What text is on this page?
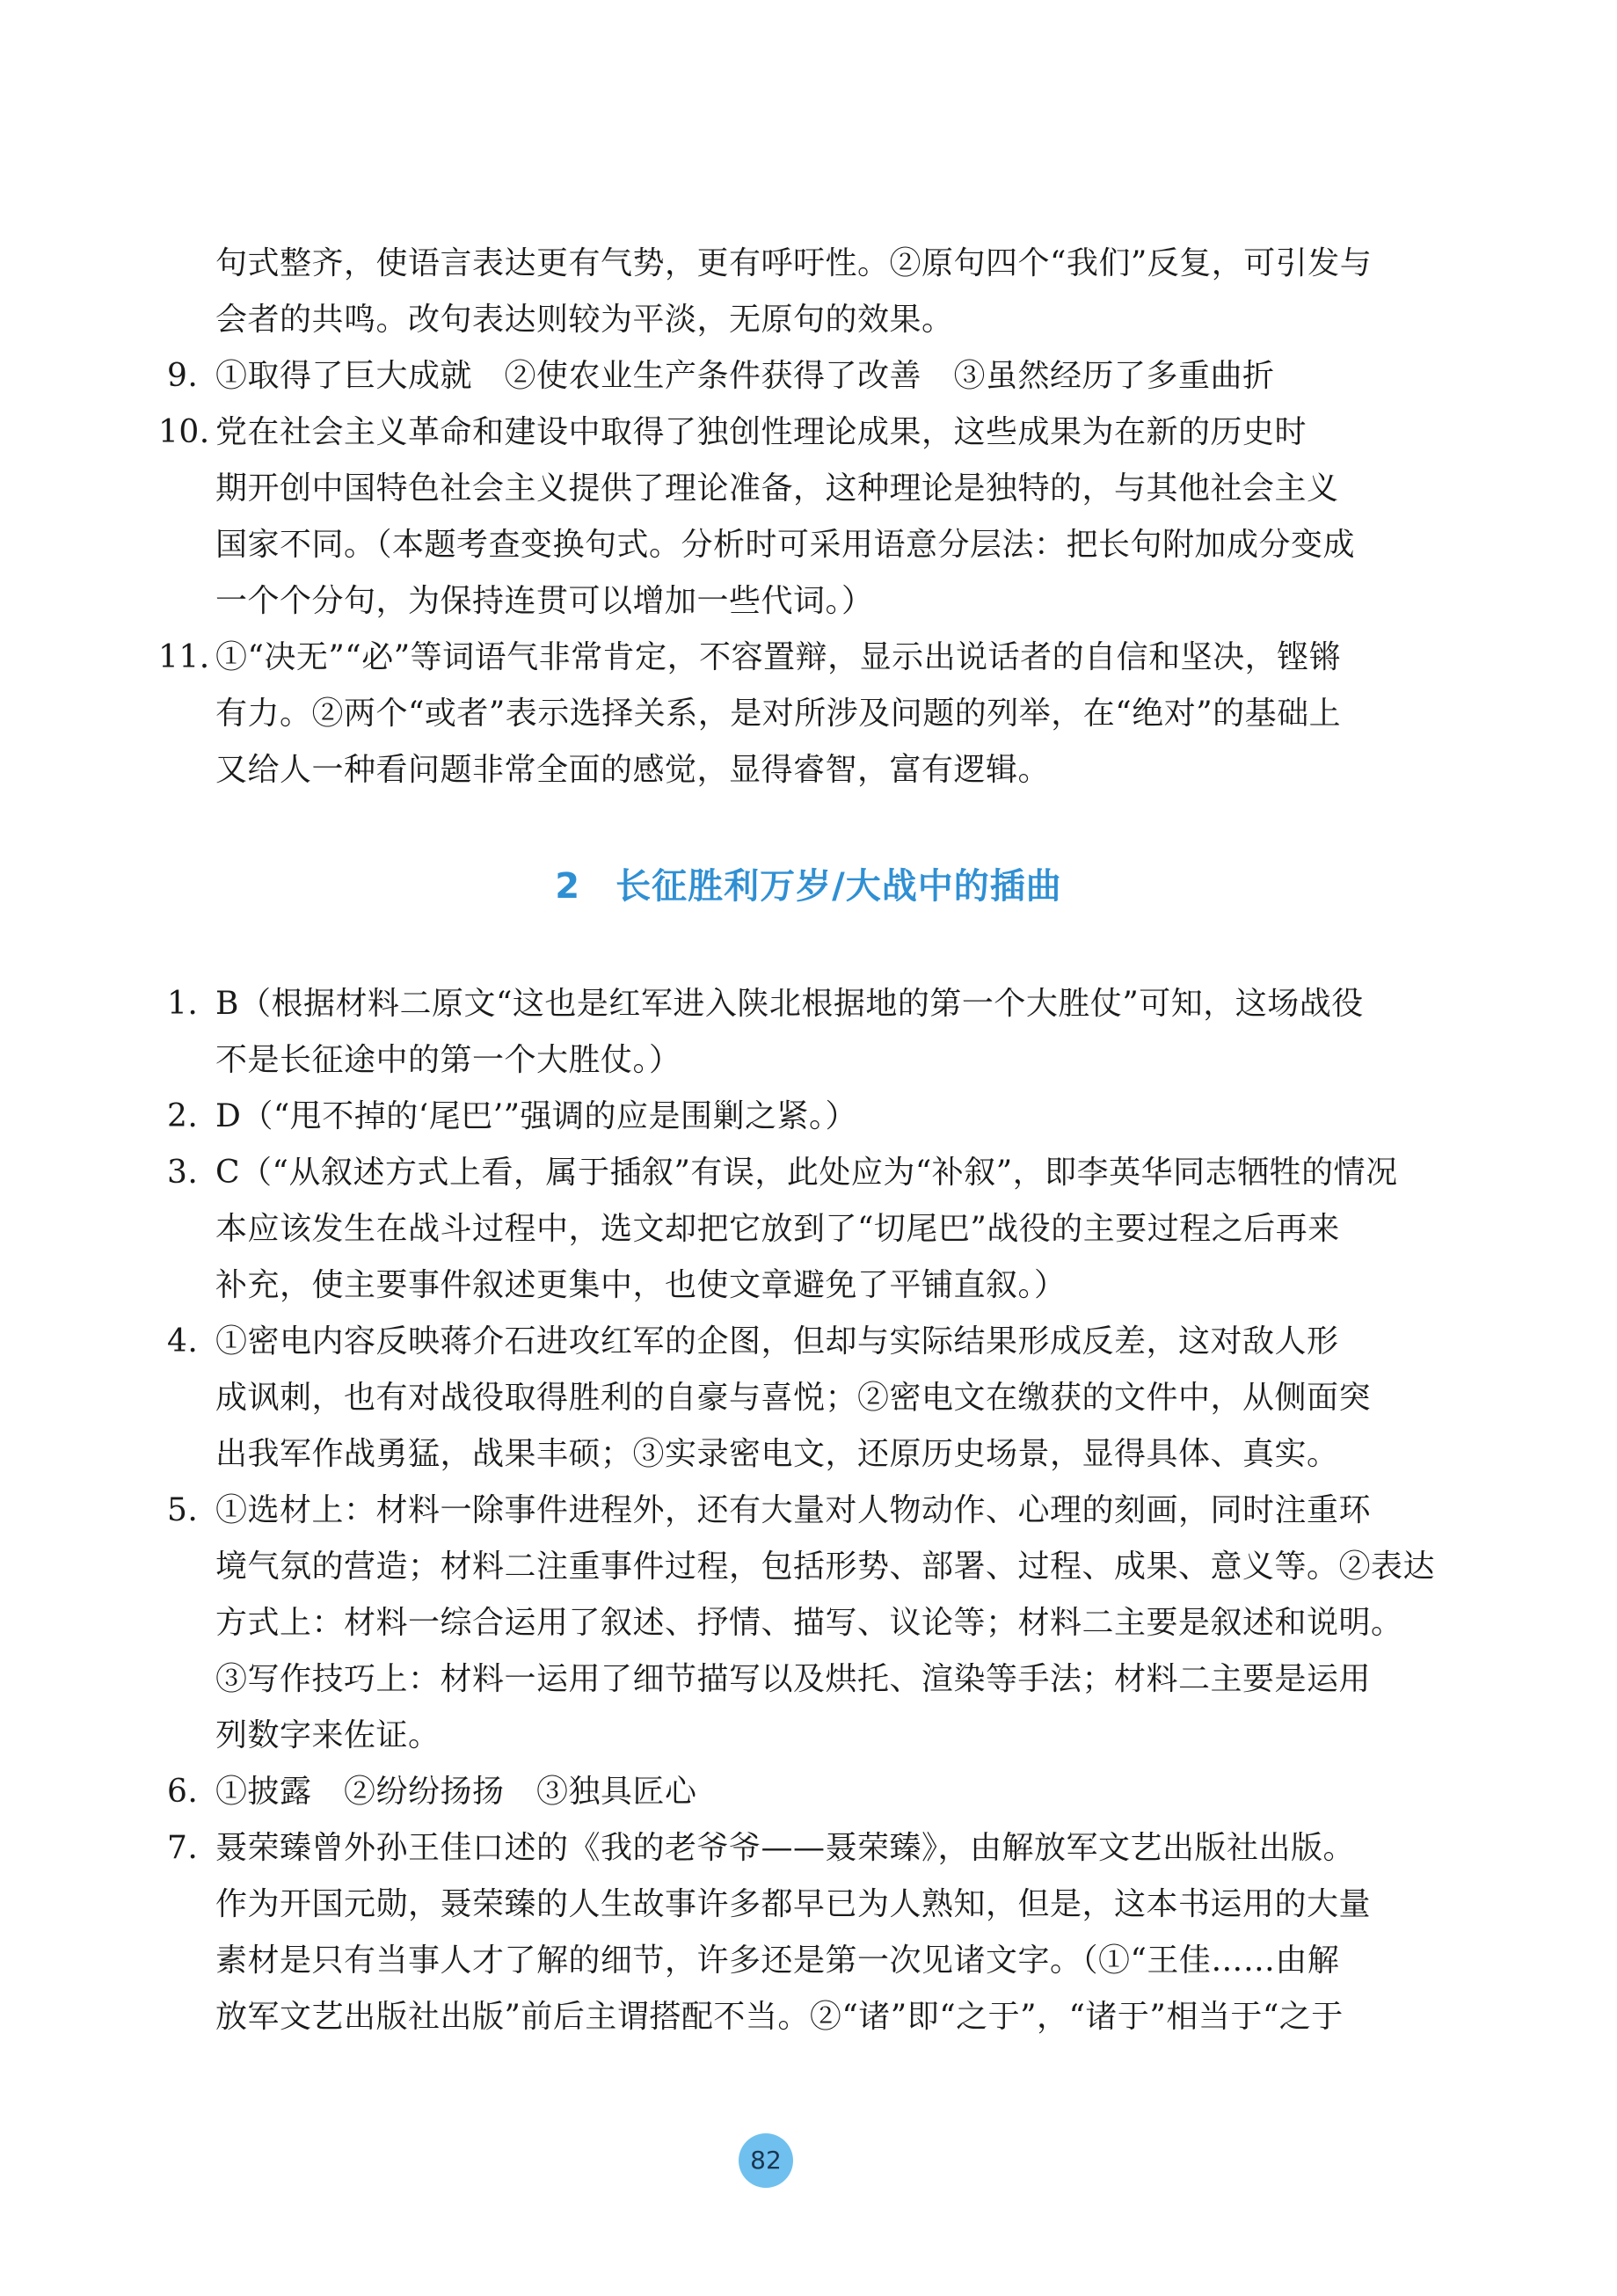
句式整齐，使语言表达更有气势，更有呼吁性。②原句四个“我们”反复，可引发与
会者的共鸣。改句表达则较为平淡，无原句的效果。
9. ①取得了巨大成就　②使农业生产条件获得了改善　③虽然经历了多重曲折
10. 党在社会主义革命和建设中取得了独创性理论成果，这些成果为在新的历史时
期开创中国特色社会主义提供了理论准备，这种理论是独特的，与其他社会主义
国家不同。（本题考查变换句式。分析时可采用语意分层法：把长句附加成分变成
一个个分句，为保持连贯可以增加一些代词。）
11. ①“决无”“必”等词语气非常肯定，不容置辩，显示出说话者的自信和坚决，铿锵
有力。②两个“或者”表示选择关系，是对所涉及问题的列举，在“绝对”的基础上
又给人一种看问题非常全面的感觉，显得睿智，富有逻辑。
2 长征胜利万岁/大战中的插曲
1. B（根据材料二原文“这也是红军进入陕北根据地的第一个大胜仗”可知，这场战役
不是长征途中的第一个大胜仗。）
2. D（“甩不掉的‘尾巴’”强调的应是围剿之紧。）
3. C（“从叙述方式上看，属于插叙”有误，此处应为“补叙”，即李英华同志牺牲的情况
本应该发生在战斗过程中，选文却把它放到了“切尾巴”战役的主要过程之后再来
补充，使主要事件叙述更集中，也使文章避免了平铺直叙。）
4. ①密电内容反映蒋介石进攻红军的企图，但却与实际结果形成反差，这对敌人形
成讽刺，也有对战役取得胜利的自豪与喜悦；②密电文在缴获的文件中，从侧面突
出我军作战勇猛，战果丰硕；③实录密电文，还原历史场景，显得具体、真实。
5. ①选材上：材料一除事件进程外，还有大量对人物动作、心理的刻画，同时注重环
境气氛的营造；材料二注重事件过程，包括形势、部署、过程、成果、意义等。②表达
方式上：材料一综合运用了叙述、抒情、描写、议论等；材料二主要是叙述和说明。
③写作技巧上：材料一运用了细节描写以及烘托、渲染等手法；材料二主要是运用
列数字来佐证。
6. ①披露　②纷纷扬扬　③独具匠心
7. 聂荣臻曾外孙王佳口述的《我的老爷爷——聂荣臻》，由解放军文艺出版社出版。
作为开国元勋，聂荣臻的人生故事许多都早已为人熟知，但是，这本书运用的大量
素材是只有当事人才了解的细节，许多还是第一次见诸文字。（①“王佳……由解
放军文艺出版社出版”前后主谓搭配不当。②“诸”即“之于”，“诸于”相当于“之于
82
